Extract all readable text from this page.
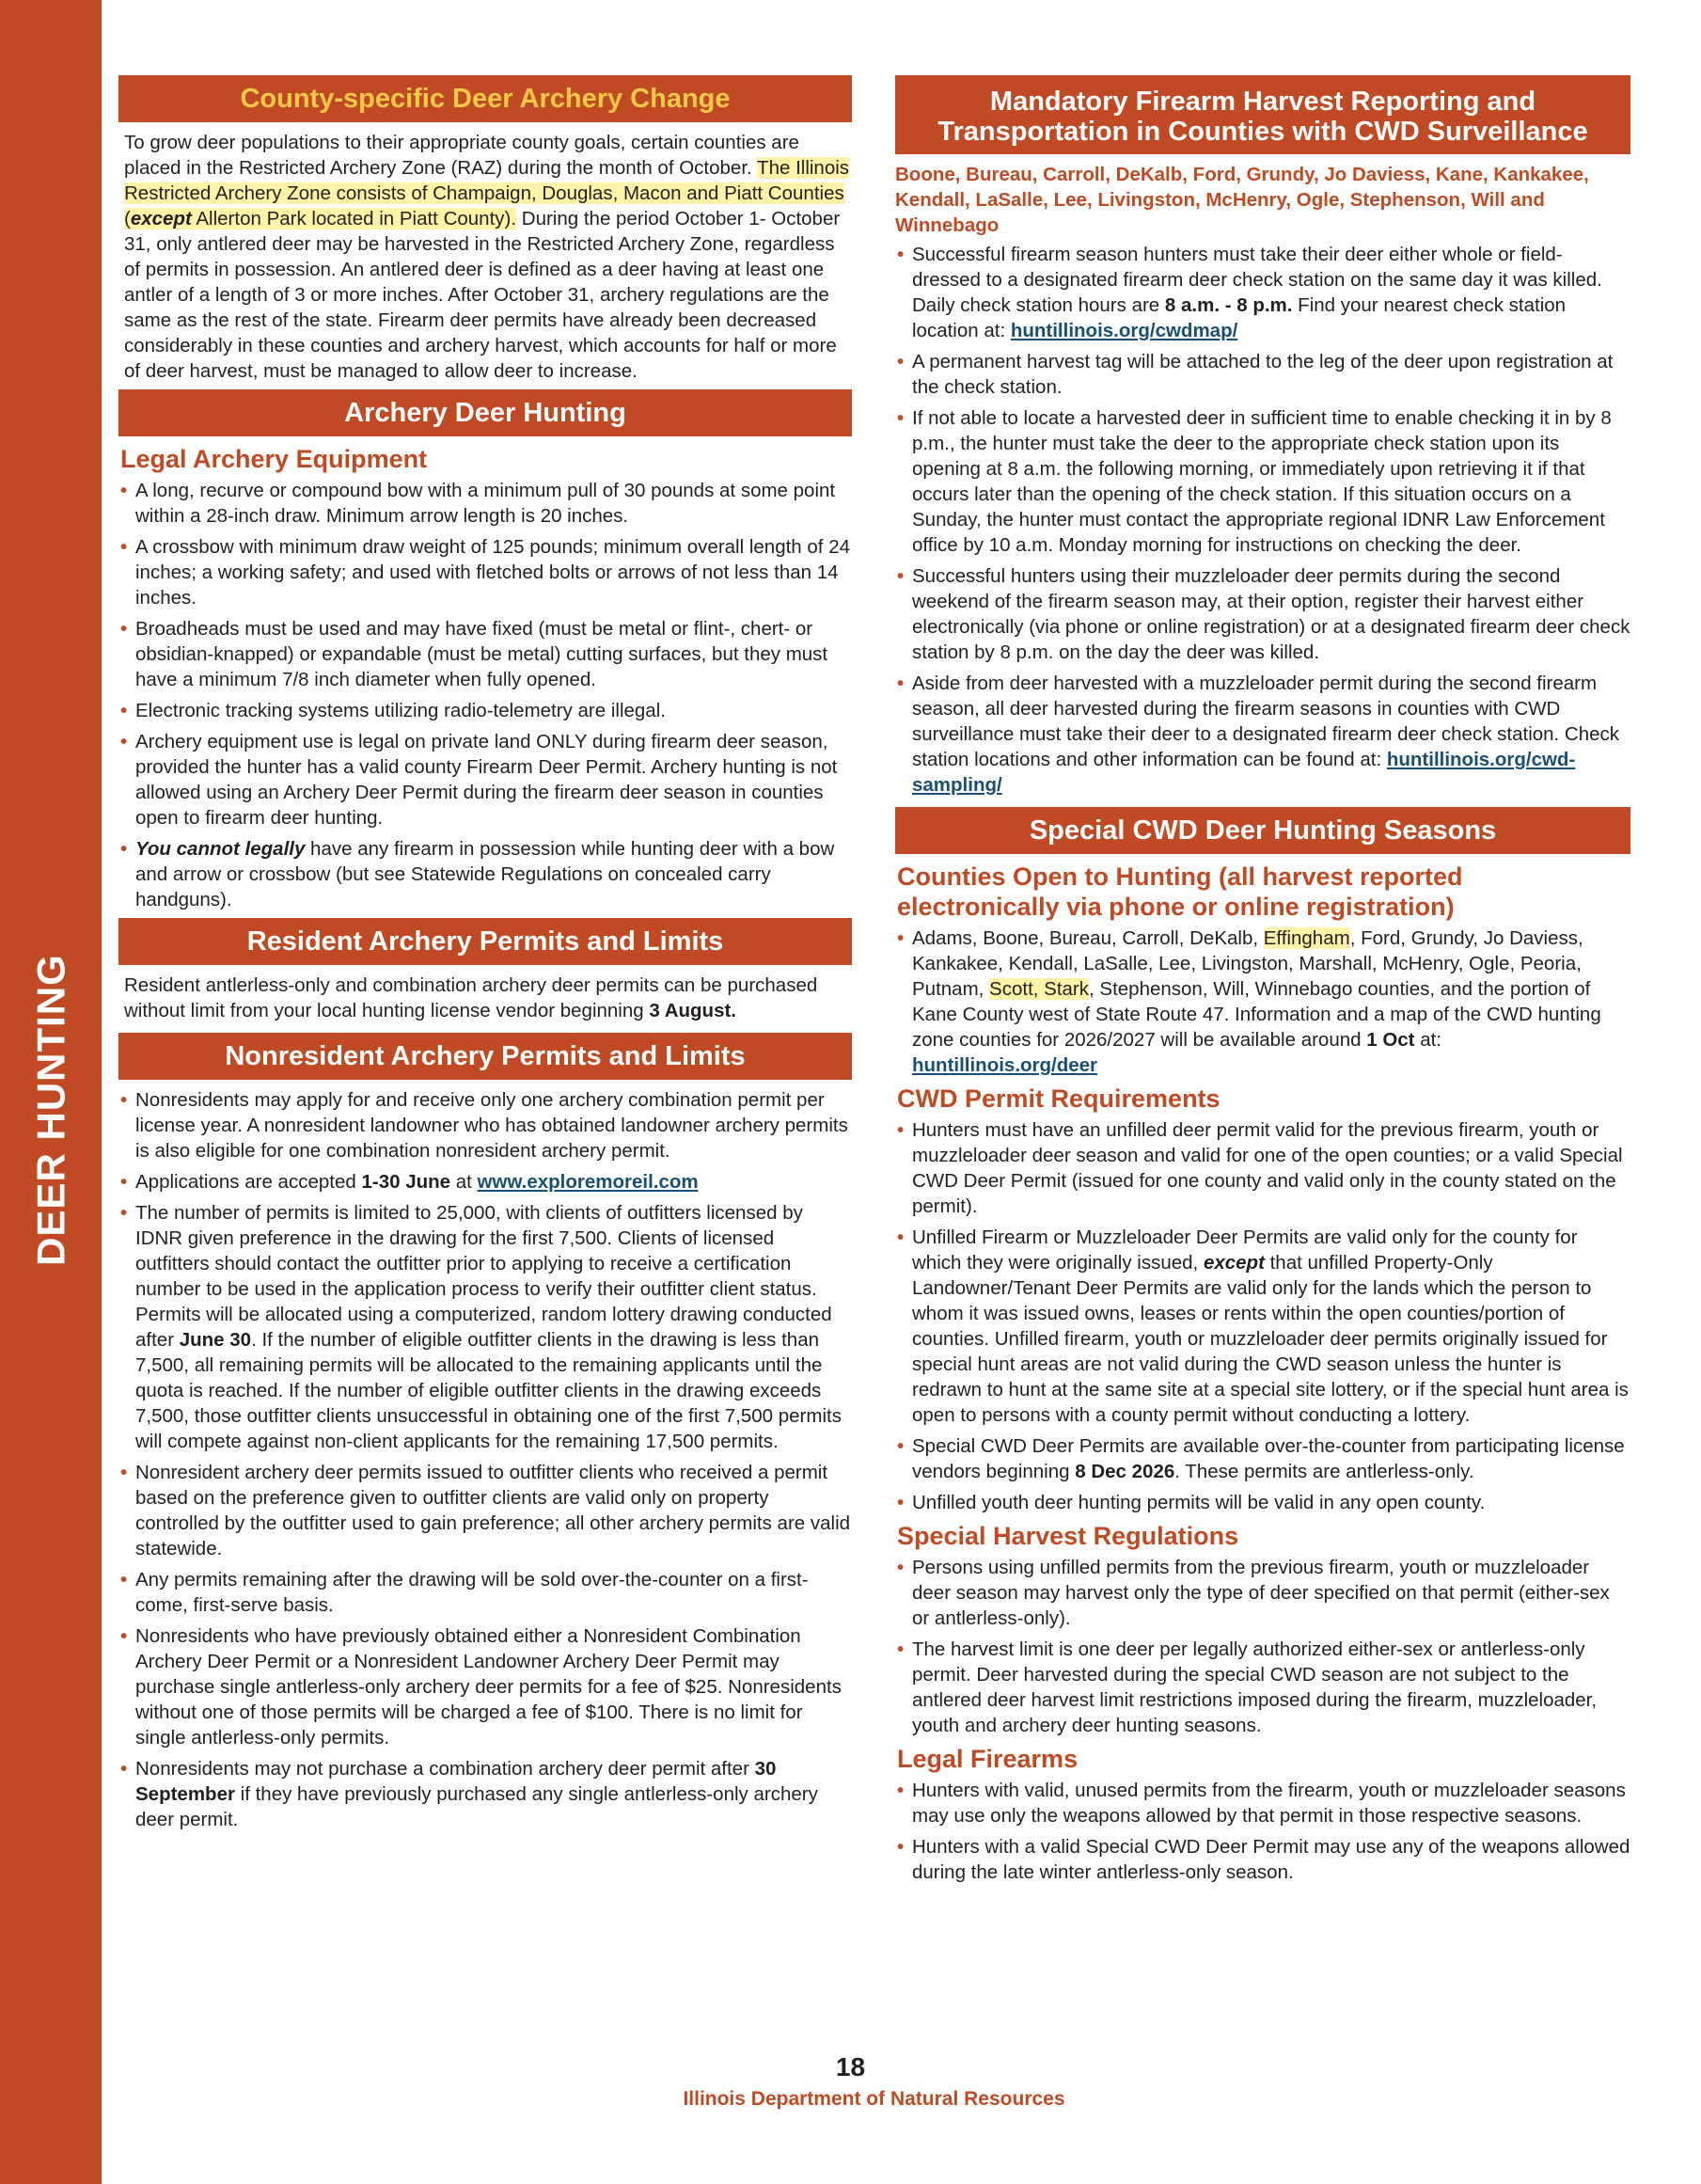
DEER HUNTING
County-specific Deer Archery Change

To grow deer populations to their appropriate county goals, certain counties are placed in the Restricted Archery Zone (RAZ) during the month of October. The Illinois Restricted Archery Zone consists of Champaign, Douglas, Macon and Piatt Counties (except Allerton Park located in Piatt County). During the period October 1- October 31, only antlered deer may be harvested in the Restricted Archery Zone, regardless of permits in possession. An antlered deer is defined as a deer having at least one antler of a length of 3 or more inches. After October 31, archery regulations are the same as the rest of the state. Firearm deer permits have already been decreased considerably in these counties and archery harvest, which accounts for half or more of deer harvest, must be managed to allow deer to increase.

Archery Deer Hunting
Legal Archery Equipment
• A long, recurve or compound bow with a minimum pull of 30 pounds at some point within a 28-inch draw. Minimum arrow length is 20 inches.
• A crossbow with minimum draw weight of 125 pounds; minimum overall length of 24 inches; a working safety; and used with fletched bolts or arrows of not less than 14 inches.
• Broadheads must be used and may have fixed (must be metal or flint-, chert- or obsidian-knapped) or expandable (must be metal) cutting surfaces, but they must have a minimum 7/8 inch diameter when fully opened.
• Electronic tracking systems utilizing radio-telemetry are illegal.
• Archery equipment use is legal on private land ONLY during firearm deer season, provided the hunter has a valid county Firearm Deer Permit. Archery hunting is not allowed using an Archery Deer Permit during the firearm deer season in counties open to firearm deer hunting.
• You cannot legally have any firearm in possession while hunting deer with a bow and arrow or crossbow (but see Statewide Regulations on concealed carry handguns).
Resident Archery Permits and Limits

Resident antlerless-only and combination archery deer permits can be purchased without limit from your local hunting license vendor beginning 3 August.

Nonresident Archery Permits and Limits
• Nonresidents may apply for and receive only one archery combination permit per license year. A nonresident landowner who has obtained landowner archery permits is also eligible for one combination nonresident archery permit.
• Applications are accepted 1-30 June at www.exploremoreil.com
• The number of permits is limited to 25,000, with clients of outfitters licensed by IDNR given preference in the drawing for the first 7,500. Clients of licensed outfitters should contact the outfitter prior to applying to receive a certification number to be used in the application process to verify their outfitter client status. Permits will be allocated using a computerized, random lottery drawing conducted after June 30. If the number of eligible outfitter clients in the drawing is less than 7,500, all remaining permits will be allocated to the remaining applicants until the quota is reached. If the number of eligible outfitter clients in the drawing exceeds 7,500, those outfitter clients unsuccessful in obtaining one of the first 7,500 permits will compete against non-client applicants for the remaining 17,500 permits.
• Nonresident archery deer permits issued to outfitter clients who received a permit based on the preference given to outfitter clients are valid only on property controlled by the outfitter used to gain preference; all other archery permits are valid statewide.
• Any permits remaining after the drawing will be sold over-the-counter on a first-come, first-serve basis.
• Nonresidents who have previously obtained either a Nonresident Combination Archery Deer Permit or a Nonresident Landowner Archery Deer Permit may purchase single antlerless-only archery deer permits for a fee of $25. Nonresidents without one of those permits will be charged a fee of $100. There is no limit for single antlerless-only permits.
• Nonresidents may not purchase a combination archery deer permit after 30 September if they have previously purchased any single antlerless-only archery deer permit.
Mandatory Firearm Harvest Reporting and
Transportation in Counties with CWD Surveillance
Boone, Bureau, Carroll, DeKalb, Ford, Grundy, Jo Daviess, Kane, Kankakee, Kendall, LaSalle, Lee, Livingston, McHenry, Ogle, Stephenson, Will and Winnebago
• Successful firearm season hunters must take their deer either whole or field-dressed to a designated firearm deer check station on the same day it was killed. Daily check station hours are 8 a.m. - 8 p.m. Find your nearest check station location at: huntillinois.org/cwdmap/
• A permanent harvest tag will be attached to the leg of the deer upon registration at the check station.
• If not able to locate a harvested deer in sufficient time to enable checking it in by 8 p.m., the hunter must take the deer to the appropriate check station upon its opening at 8 a.m. the following morning, or immediately upon retrieving it if that occurs later than the opening of the check station. If this situation occurs on a Sunday, the hunter must contact the appropriate regional IDNR Law Enforcement office by 10 a.m. Monday morning for instructions on checking the deer.
• Successful hunters using their muzzleloader deer permits during the second weekend of the firearm season may, at their option, register their harvest either electronically (via phone or online registration) or at a designated firearm deer check station by 8 p.m. on the day the deer was killed.
• Aside from deer harvested with a muzzleloader permit during the second firearm season, all deer harvested during the firearm seasons in counties with CWD surveillance must take their deer to a designated firearm deer check station. Check station locations and other information can be found at: huntillinois.org/cwd-sampling/
Special CWD Deer Hunting Seasons
Counties Open to Hunting (all harvest reported electronically via phone or online registration)
• Adams, Boone, Bureau, Carroll, DeKalb, Effingham, Ford, Grundy, Jo Daviess, Kankakee, Kendall, LaSalle, Lee, Livingston, Marshall, McHenry, Ogle, Peoria, Putnam, Scott, Stark, Stephenson, Will, Winnebago counties, and the portion of Kane County west of State Route 47. Information and a map of the CWD hunting zone counties for 2026/2027 will be available around 1 Oct at: huntillinois.org/deer
CWD Permit Requirements
• Hunters must have an unfilled deer permit valid for the previous firearm, youth or muzzleloader deer season and valid for one of the open counties; or a valid Special CWD Deer Permit (issued for one county and valid only in the county stated on the permit).
• Unfilled Firearm or Muzzleloader Deer Permits are valid only for the county for which they were originally issued, except that unfilled Property-Only Landowner/Tenant Deer Permits are valid only for the lands which the person to whom it was issued owns, leases or rents within the open counties/portion of counties. Unfilled firearm, youth or muzzleloader deer permits originally issued for special hunt areas are not valid during the CWD season unless the hunter is redrawn to hunt at the same site at a special site lottery, or if the special hunt area is open to persons with a county permit without conducting a lottery.
• Special CWD Deer Permits are available over-the-counter from participating license vendors beginning 8 Dec 2026. These permits are antlerless-only.
• Unfilled youth deer hunting permits will be valid in any open county.
Special Harvest Regulations
• Persons using unfilled permits from the previous firearm, youth or muzzleloader deer season may harvest only the type of deer specified on that permit (either-sex or antlerless-only).
• The harvest limit is one deer per legally authorized either-sex or antlerless-only permit. Deer harvested during the special CWD season are not subject to the antlered deer harvest limit restrictions imposed during the firearm, muzzleloader, youth and archery deer hunting seasons.
Legal Firearms
• Hunters with valid, unused permits from the firearm, youth or muzzleloader seasons may use only the weapons allowed by that permit in those respective seasons.
• Hunters with a valid Special CWD Deer Permit may use any of the weapons allowed during the late winter antlerless-only season.
18
Illinois Department of Natural Resources
